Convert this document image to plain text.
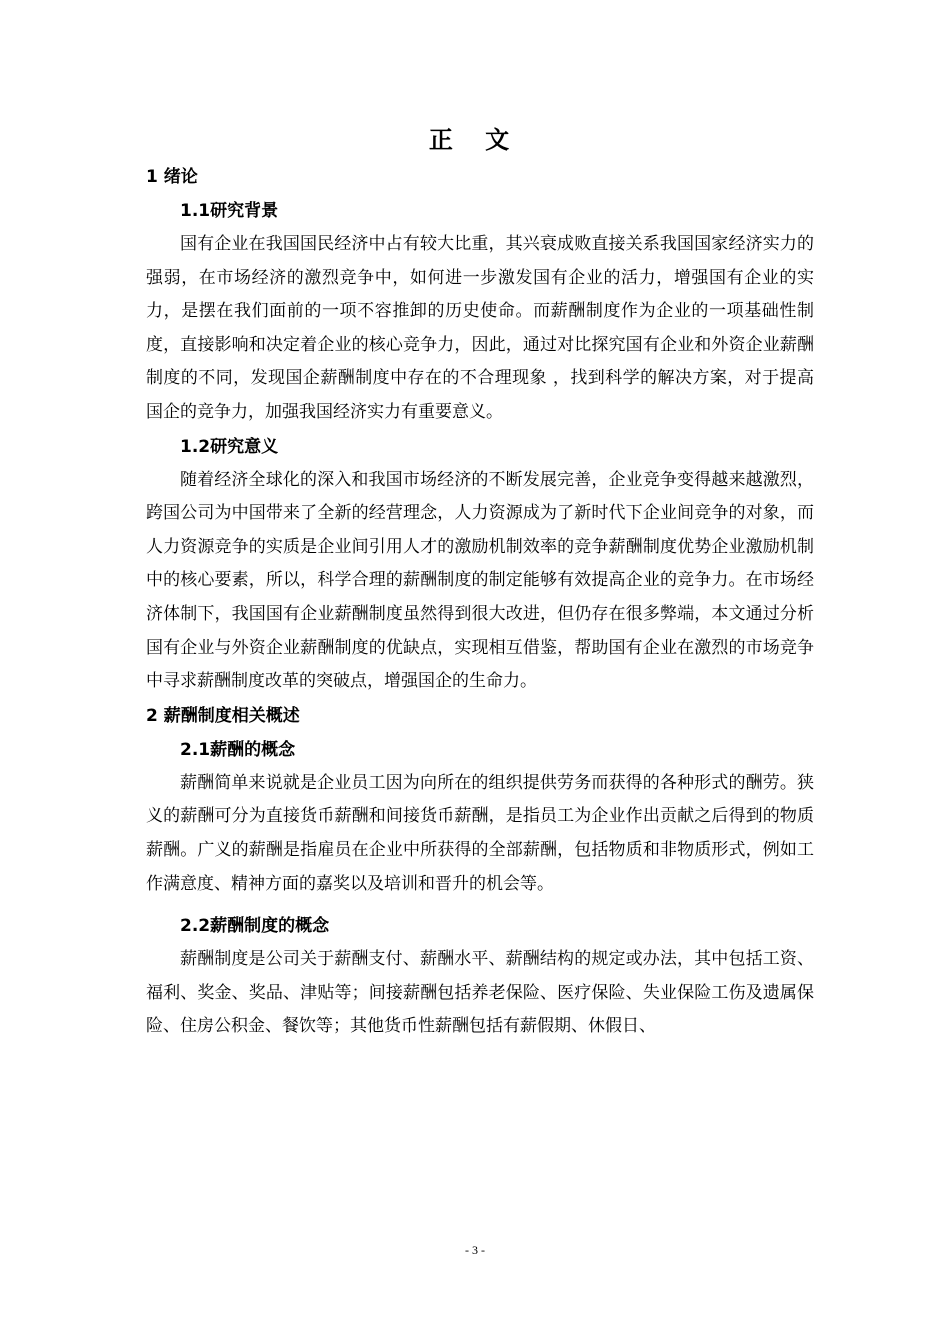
正 文
1 绪论
1.1研究背景

国有企业在我国国民经济中占有较大比重，其兴衰成败直接关系我国国家经济实力的强弱，在市场经济的激烈竞争中，如何进一步激发国有企业的活力，增强国有企业的实力，是摆在我们面前的一项不容推卸的历史使命。而薪酬制度作为企业的一项基础性制度，直接影响和决定着企业的核心竞争力，因此，通过对比探究国有企业和外资企业薪酬制度的不同，发现国企薪酬制度中存在的不合理现象 ，找到科学的解决方案，对于提高国企的竞争力，加强我国经济实力有重要意义。

1.2研究意义

随着经济全球化的深入和我国市场经济的不断发展完善，企业竞争变得越来越激烈，跨国公司为中国带来了全新的经营理念，人力资源成为了新时代下企业间竞争的对象，而人力资源竞争的实质是企业间引用人才的激励机制效率的竞争薪酬制度优势企业激励机制中的核心要素，所以，科学合理的薪酬制度的制定能够有效提高企业的竞争力。在市场经济体制下，我国国有企业薪酬制度虽然得到很大改进，但仍存在很多弊端，本文通过分析国有企业与外资企业薪酬制度的优缺点，实现相互借鉴，帮助国有企业在激烈的市场竞争中寻求薪酬制度改革的突破点，增强国企的生命力。

2 薪酬制度相关概述
2.1薪酬的概念

薪酬简单来说就是企业员工因为向所在的组织提供劳务而获得的各种形式的酬劳。狭义的薪酬可分为直接货币薪酬和间接货币薪酬，是指员工为企业作出贡献之后得到的物质薪酬。广义的薪酬是指雇员在企业中所获得的全部薪酬，包括物质和非物质形式，例如工作满意度、精神方面的嘉奖以及培训和晋升的机会等。

2.2薪酬制度的概念

薪酬制度是公司关于薪酬支付、薪酬水平、薪酬结构的规定或办法，其中包括工资、福利、奖金、奖品、津贴等；间接薪酬包括养老保险、医疗保险、失业保险工伤及遗属保险、住房公积金、餐饮等；其他货币性薪酬包括有薪假期、休假日、

- 3 -
